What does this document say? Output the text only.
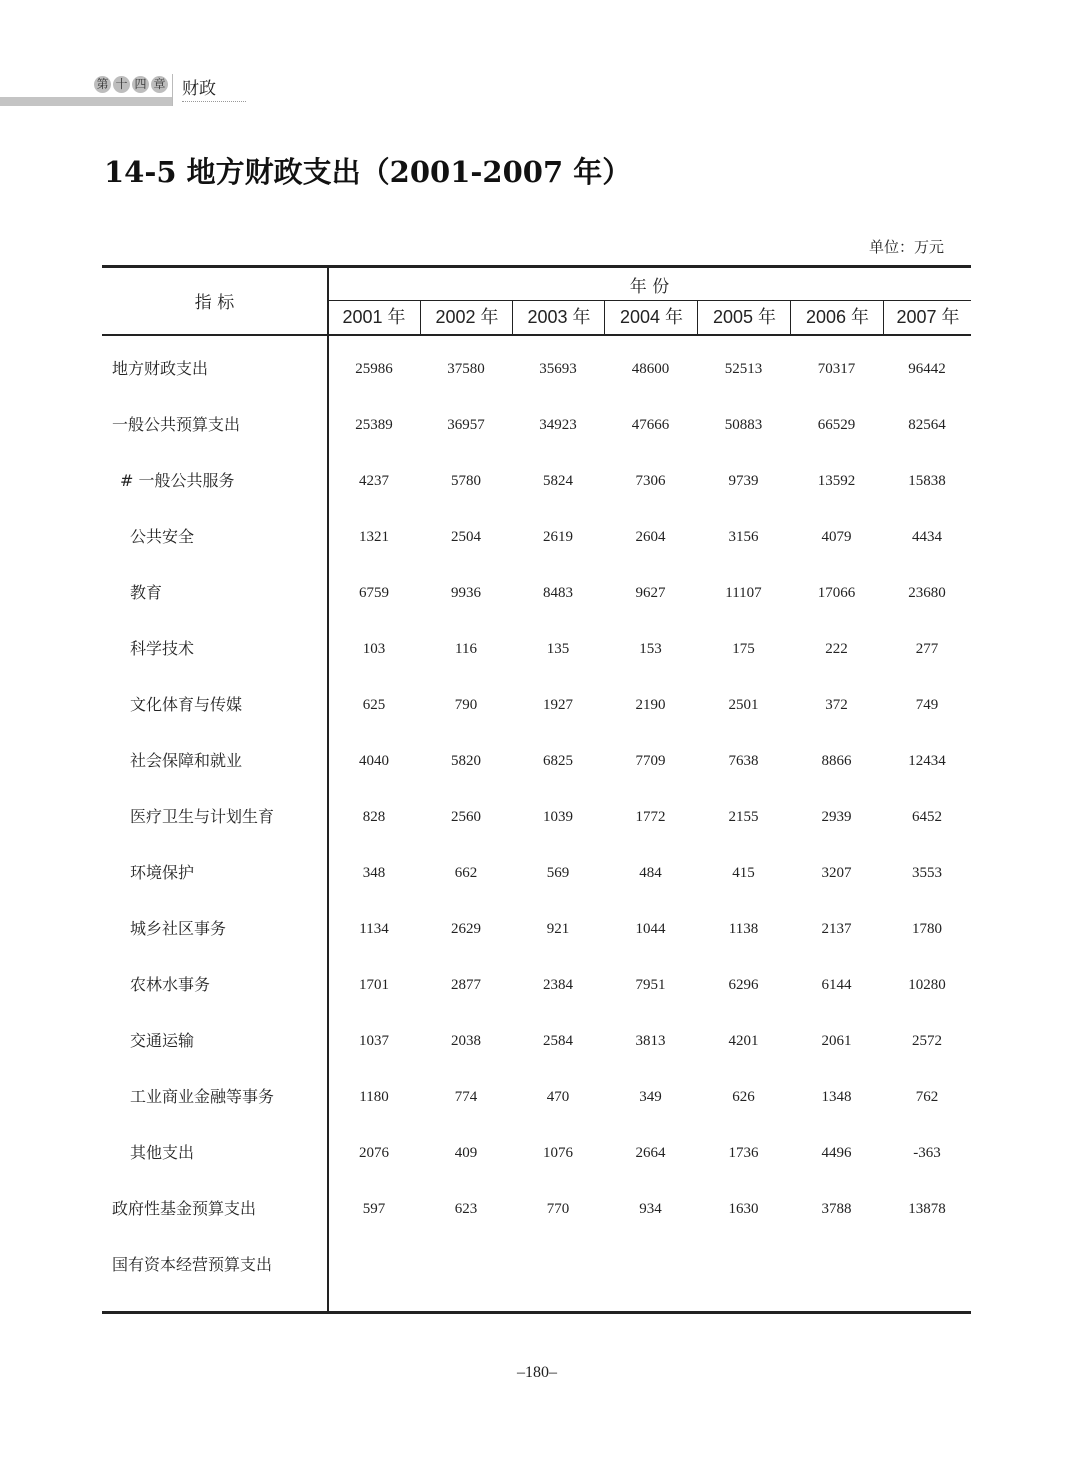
第 十 四 章 财政
14-5 地方财政支出（2001-2007 年）
单位：万元
指 标
年 份
2001 年	2002 年	2003 年	2004 年	2005 年	2006 年	2007 年
地方财政支出	25986	37580	35693	48600	52513	70317	96442
一般公共预算支出	25389	36957	34923	47666	50883	66529	82564
# 一般公共服务	4237	5780	5824	7306	9739	13592	15838
公共安全	1321	2504	2619	2604	3156	4079	4434
教育	6759	9936	8483	9627	11107	17066	23680
科学技术	103	116	135	153	175	222	277
文化体育与传媒	625	790	1927	2190	2501	372	749
社会保障和就业	4040	5820	6825	7709	7638	8866	12434
医疗卫生与计划生育	828	2560	1039	1772	2155	2939	6452
环境保护	348	662	569	484	415	3207	3553
城乡社区事务	1134	2629	921	1044	1138	2137	1780
农林水事务	1701	2877	2384	7951	6296	6144	10280
交通运输	1037	2038	2584	3813	4201	2061	2572
工业商业金融等事务	1180	774	470	349	626	1348	762
其他支出	2076	409	1076	2664	1736	4496	-363
政府性基金预算支出	597	623	770	934	1630	3788	13878
国有资本经营预算支出
–180–
